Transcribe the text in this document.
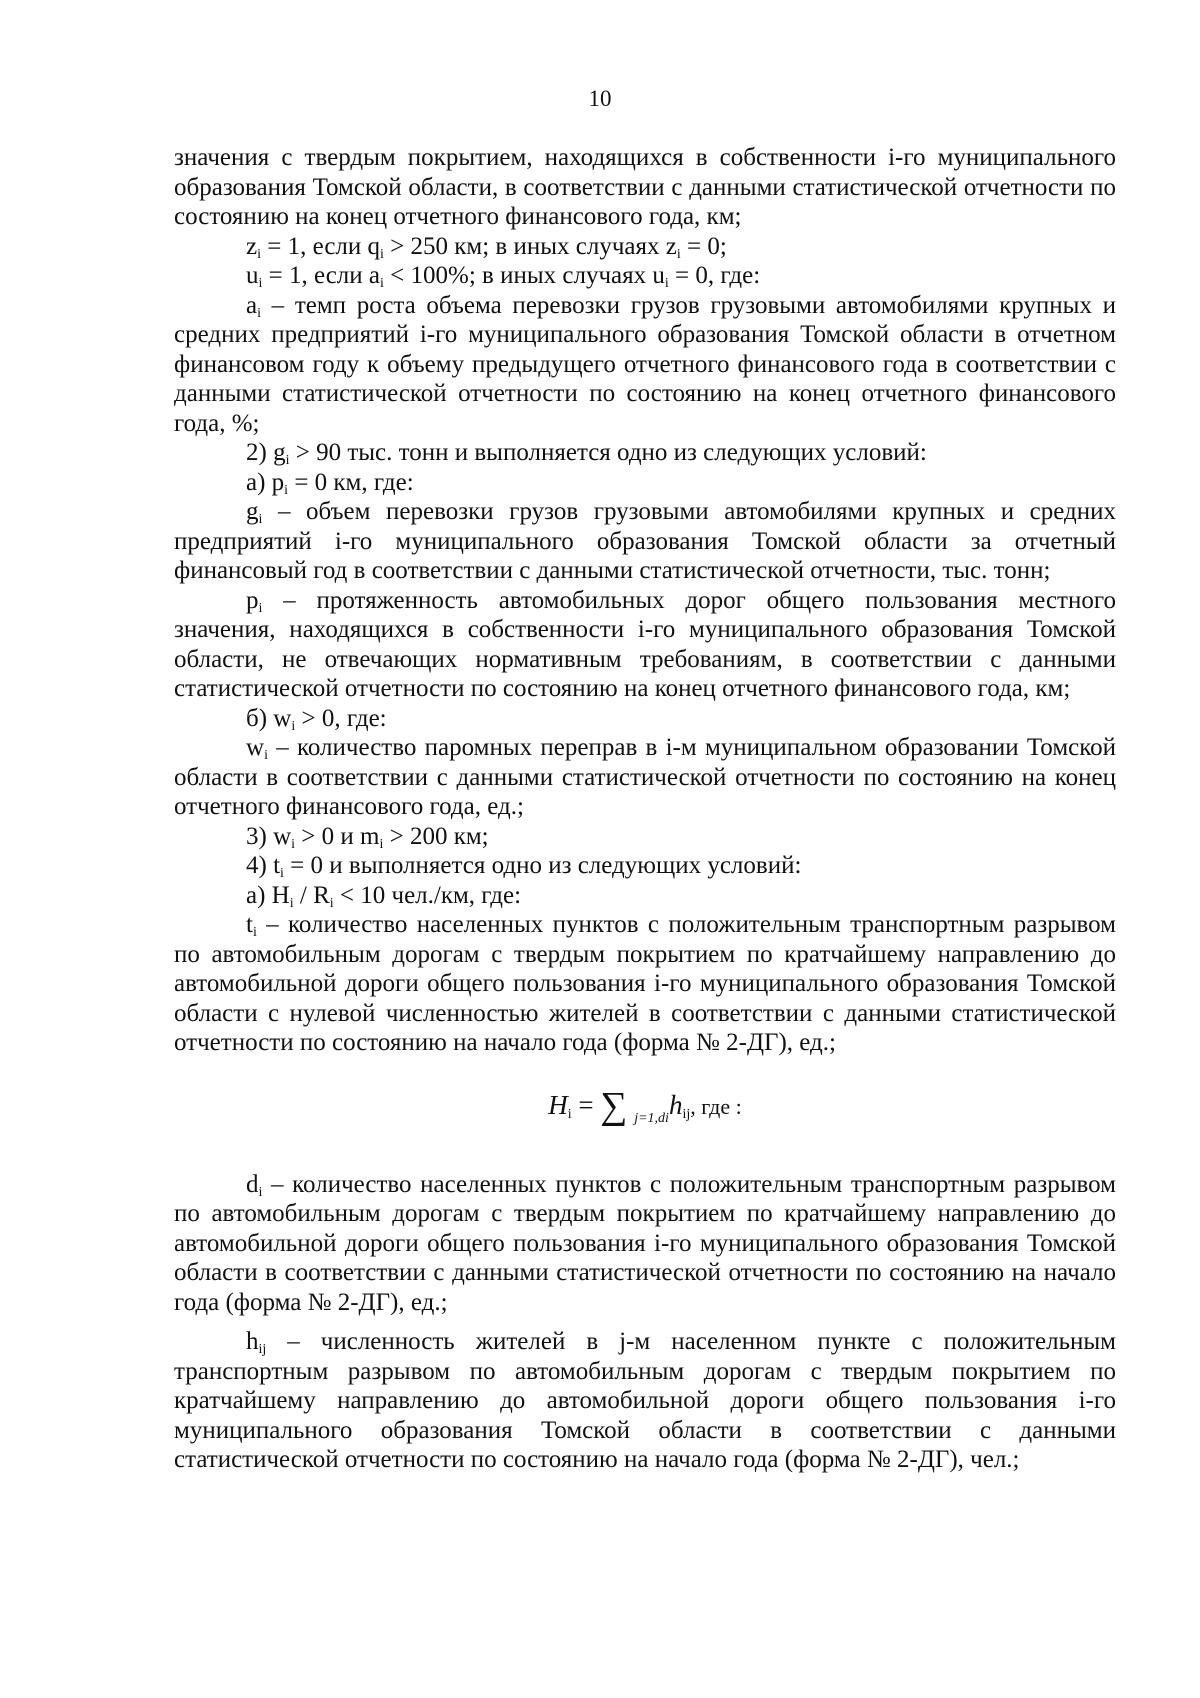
10

значения с твердым покрытием, находящихся в собственности i-го муниципального образования Томской области, в соответствии с данными статистической отчетности по состоянию на конец отчетного финансового года, км;

$z_i = 1$, если $q_i > 250$ км; в иных случаях $z_i = 0$;

$u_i = 1$, если $a_i < 100\%$; в иных случаях $u_i = 0$, где:

$a_i$ – темп роста объема перевозки грузов грузовыми автомобилями крупных и средних предприятий i-го муниципального образования Томской области в отчетном финансовом году к объему предыдущего отчетного финансового года в соответствии с данными статистической отчетности по состоянию на конец отчетного финансового года, %;

2) $g_i > 90$ тыс. тонн и выполняется одно из следующих условий:

а) $p_i = 0$ км, где:

$g_i$ – объем перевозки грузов грузовыми автомобилями крупных и средних предприятий i-го муниципального образования Томской области за отчетный финансовый год в соответствии с данными статистической отчетности, тыс. тонн;

$p_i$ – протяженность автомобильных дорог общего пользования местного значения, находящихся в собственности i-го муниципального образования Томской области, не отвечающих нормативным требованиям, в соответствии с данными статистической отчетности по состоянию на конец отчетного финансового года, км;

б) $w_i > 0$, где:

$w_i$ – количество паромных переправ в i-м муниципальном образовании Томской области в соответствии с данными статистической отчетности по состоянию на конец отчетного финансового года, ед.;

3) $w_i > 0$ и $m_i > 200$ км;

4) $t_i = 0$ и выполняется одно из следующих условий:

а) $H_i / R_i < 10$ чел./км, где:

$t_i$ – количество населенных пунктов с положительным транспортным разрывом по автомобильным дорогам с твердым покрытием по кратчайшему направлению до автомобильной дороги общего пользования i-го муниципального образования Томской области с нулевой численностью жителей в соответствии с данными статистической отчетности по состоянию на начало года (форма № 2-ДГ), ед.;

$H_i$ = ∑ $_{j=1,di}h_{ij}$, где :

$d_i$ – количество населенных пунктов с положительным транспортным разрывом по автомобильным дорогам с твердым покрытием по кратчайшему направлению до автомобильной дороги общего пользования i-го муниципального образования Томской области в соответствии с данными статистической отчетности по состоянию на начало года (форма № 2-ДГ), ед.;

$h_{ij}$ – численность жителей в j-м населенном пункте с положительным транспортным разрывом по автомобильным дорогам с твердым покрытием по кратчайшему направлению до автомобильной дороги общего пользования i-го муниципального образования Томской области в соответствии с данными статистической отчетности по состоянию на начало года (форма № 2-ДГ), чел.;
